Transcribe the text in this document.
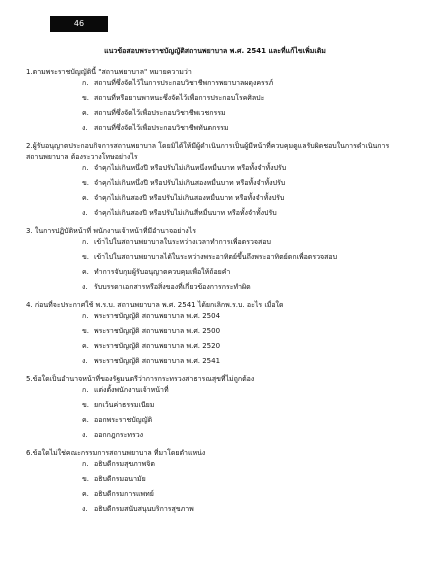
46
แนวข้อสอบพระราชบัญญัติสถานพยาบาล พ.ศ. 2541 และที่แก้ไขเพิ่มเติม
1.ตามพระราชบัญญัตินี้ "สถานพยาบาล" หมายความว่า
ก. สถานที่ซึ่งจัดไว้ในการประกอบวิชาชีพการพยาบาลผดุงครรภ์
ข. สถานที่หรือยานพาหนะซึ่งจัดไว้เพื่อการประกอบโรคศิลปะ
ค. สถานที่ซึ่งจัดไว้เพื่อประกอบวิชาชีพเวชกรรม
ง. สถานที่ซึ่งจัดไว้เพื่อประกอบวิชาชีพทันตกรรม
2.ผู้รับอนุญาตประกอบกิจการสถานพยาบาล โดยมิได้ให้มีผู้ดำเนินการเป็นผู้มีหน้าที่ควบคุมดูแลรับผิดชอบในการดำเนินการสถานพยาบาล ต้องระวางโทษอย่างไร
ก. จำคุกไม่เกินหนึ่งปี หรือปรับไม่เกินหนึ่งหมื่นบาท หรือทั้งจำทั้งปรับ
ข. จำคุกไม่เกินหนึ่งปี หรือปรับไม่เกินสองหมื่นบาท หรือทั้งจำทั้งปรับ
ค. จำคุกไม่เกินสองปี หรือปรับไม่เกินสองหมื่นบาท หรือทั้งจำทั้งปรับ
ง. จำคุกไม่เกินสองปี หรือปรับไม่เกินสี่หมื่นบาท หรือทั้งจำทั้งปรับ
3. ในการปฏิบัติหน้าที่ พนักงานเจ้าหน้าที่มีอำนาจอย่างไร
ก. เข้าไปในสถานพยาบาลในระหว่างเวลาทำการเพื่อตรวจสอบ
ข. เข้าไปในสถานพยาบาลได้ในระหว่างพระอาทิตย์ขึ้นถึงพระอาทิตย์ตกเพื่อตรวจสอบ
ค. ทำการจับกุมผู้รับอนุญาตควบคุมเพื่อให้ถ้อยคำ
ง. รับบรรดาเอกสารหรือสิ่งของที่เกี่ยวข้องการกระทำผิด
4. ก่อนที่จะประกาศใช้ พ.ร.บ. สถานพยาบาล พ.ศ. 2541 ได้ยกเลิกพ.ร.บ. อะไร เมื่อใด
ก. พระราชบัญญัติ สถานพยาบาล พ.ศ. 2504
ข. พระราชบัญญัติ สถานพยาบาล พ.ศ. 2500
ค. พระราชบัญญัติ สถานพยาบาล พ.ศ. 2520
ง. พระราชบัญญัติ สถานพยาบาล พ.ศ. 2541
5.ข้อใดเป็นอำนาจหน้าที่ของรัฐมนตรีว่าการกระทรวงสาธารณสุขที่ไม่ถูกต้อง
ก. แต่งตั้งพนักงานเจ้าหน้าที่
ข. ยกเว้นค่าธรรมเนียม
ค. ออกพระราชบัญญัติ
ง. ออกกฎกระทรวง
6.ข้อใดไม่ใช่คณะกรรมการสถานพยาบาล ที่มาโดยตำแหน่ง
ก. อธิบดีกรมสุขภาพจิต
ข. อธิบดีกรมอนามัย
ค. อธิบดีกรมการแพทย์
ง. อธิบดีกรมสนับสนุนบริการสุขภาพ
